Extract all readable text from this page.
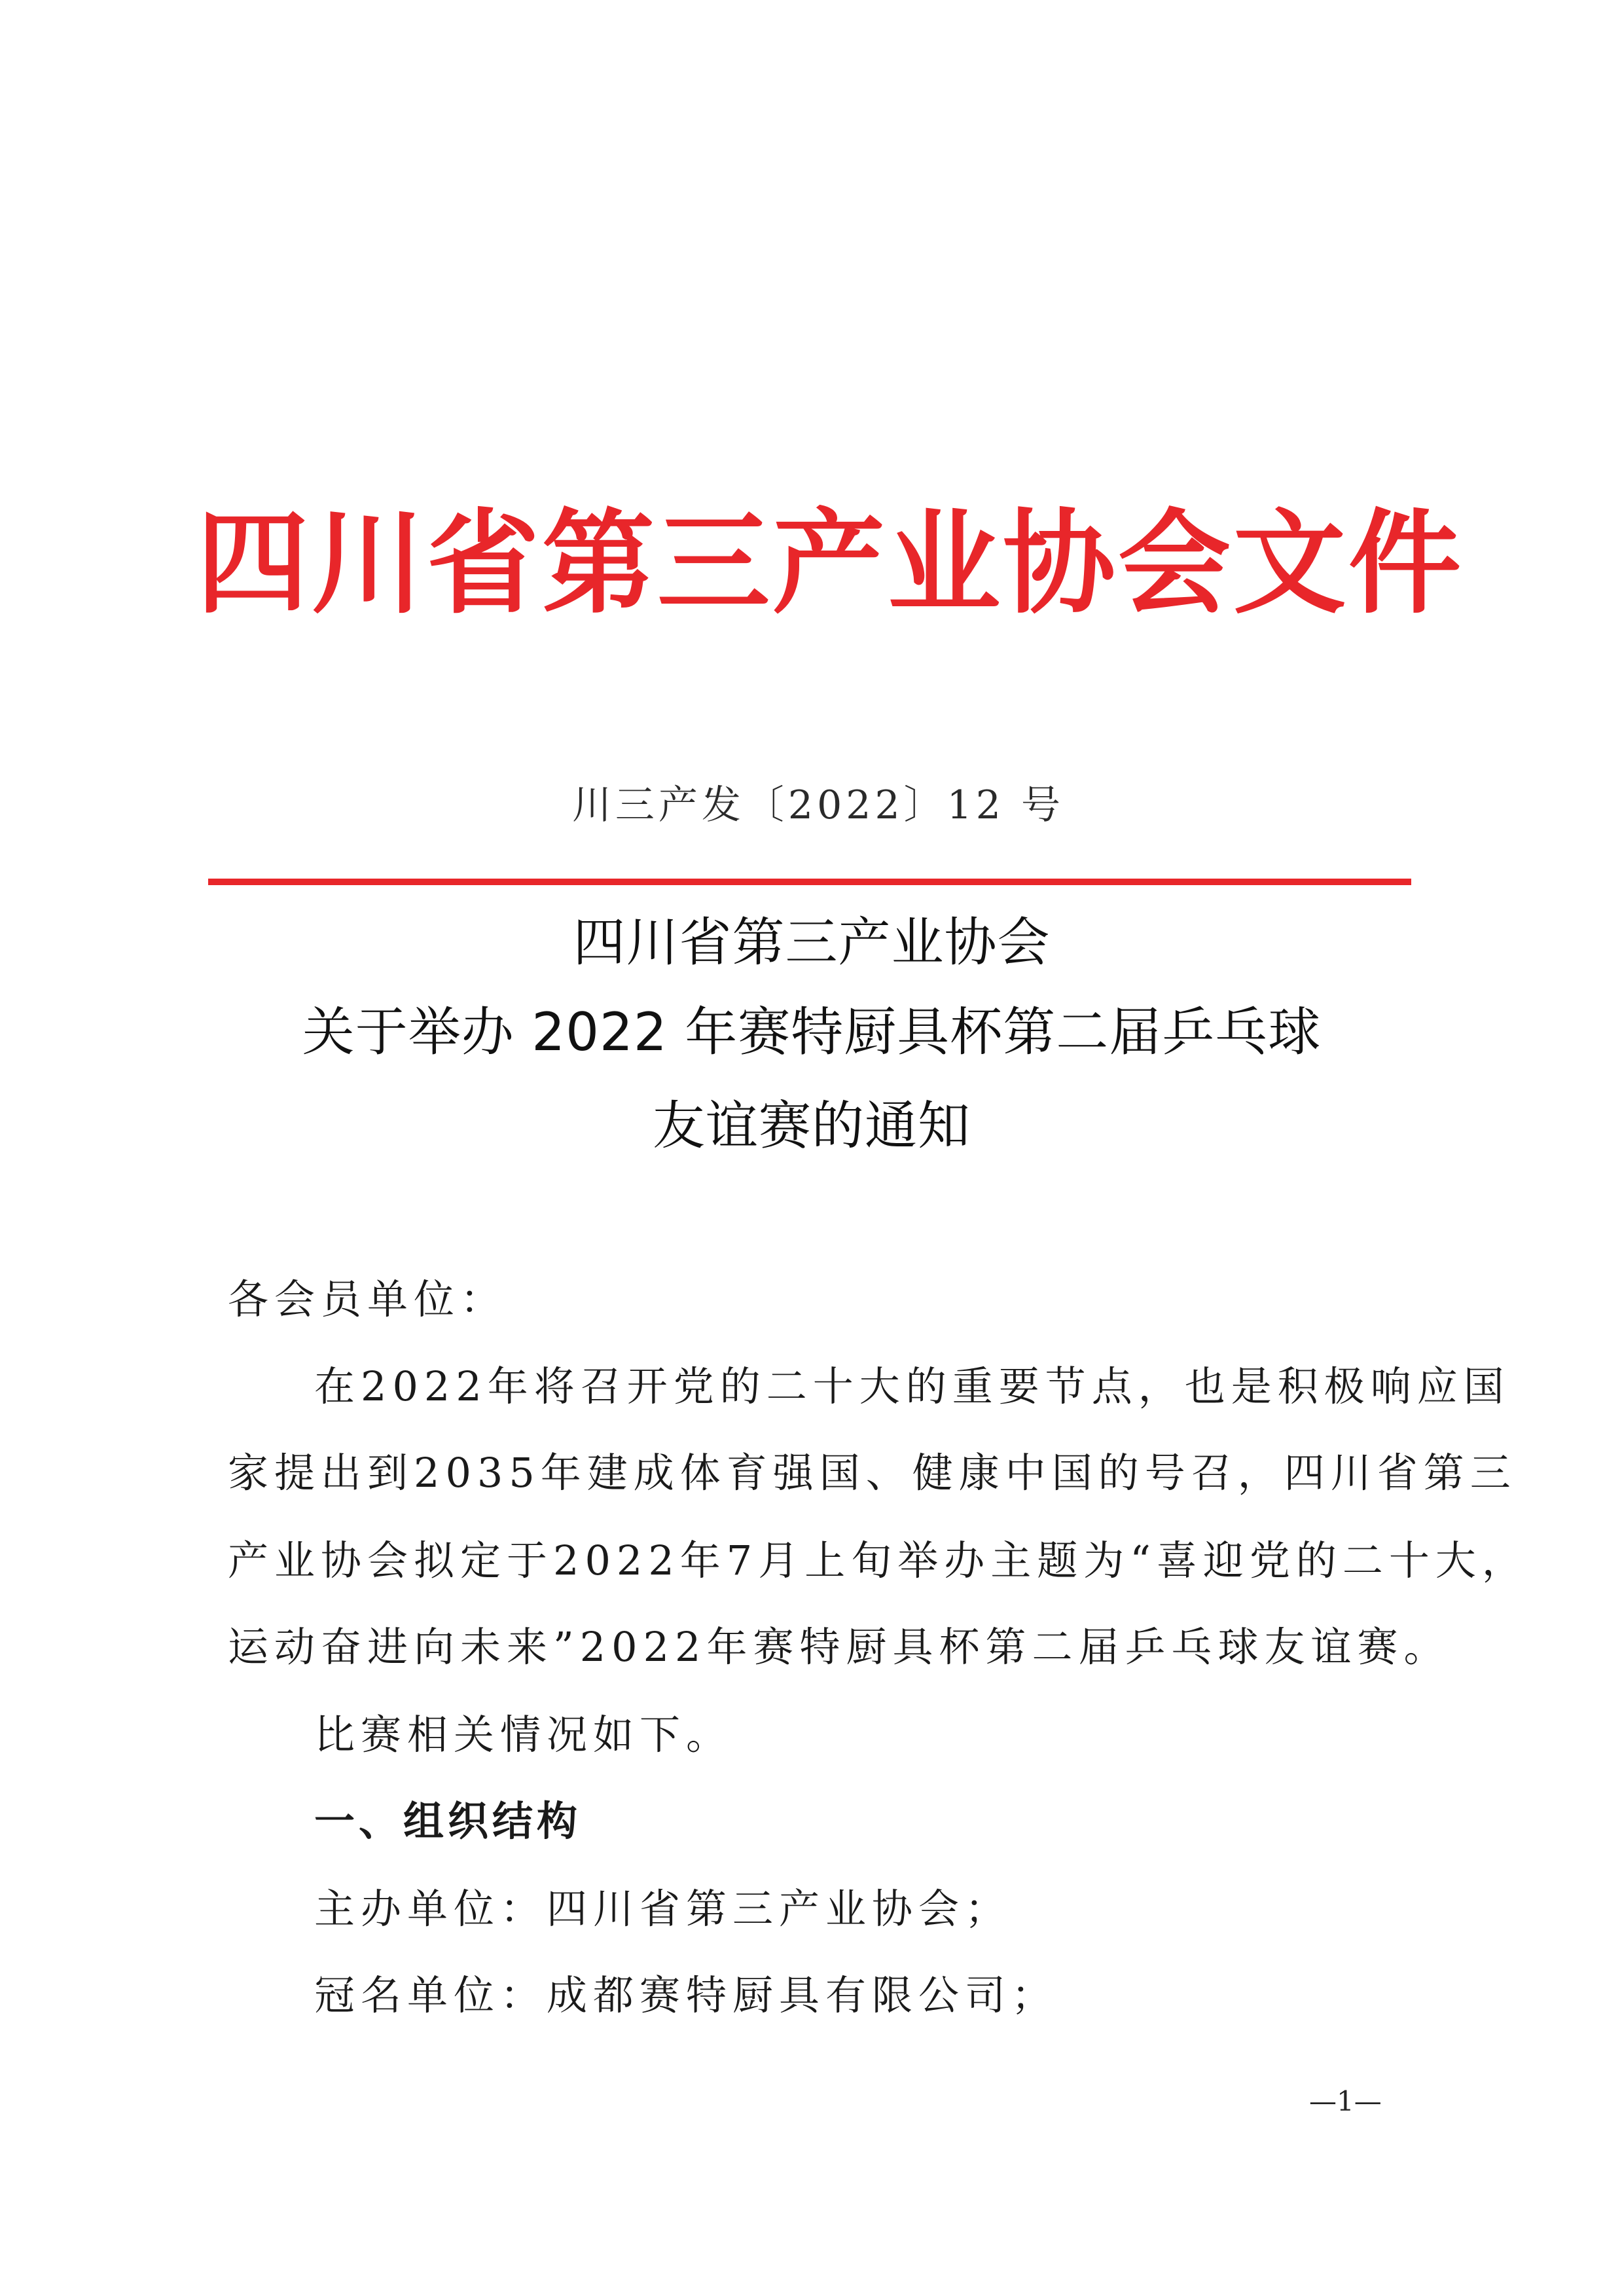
四川省第三产业协会文件
川三产发〔2022〕12 号
四川省第三产业协会
关于举办 2022 年赛特厨具杯第二届乒乓球
友谊赛的通知
各会员单位：
在2022年将召开党的二十大的重要节点，也是积极响应国
家提出到2035年建成体育强国、健康中国的号召，四川省第三
产业协会拟定于2022年7月上旬举办主题为“喜迎党的二十大，
运动奋进向未来”2022年赛特厨具杯第二届乒乓球友谊赛。
比赛相关情况如下。
一、组织结构
主办单位：四川省第三产业协会；
冠名单位：成都赛特厨具有限公司；
—1—
